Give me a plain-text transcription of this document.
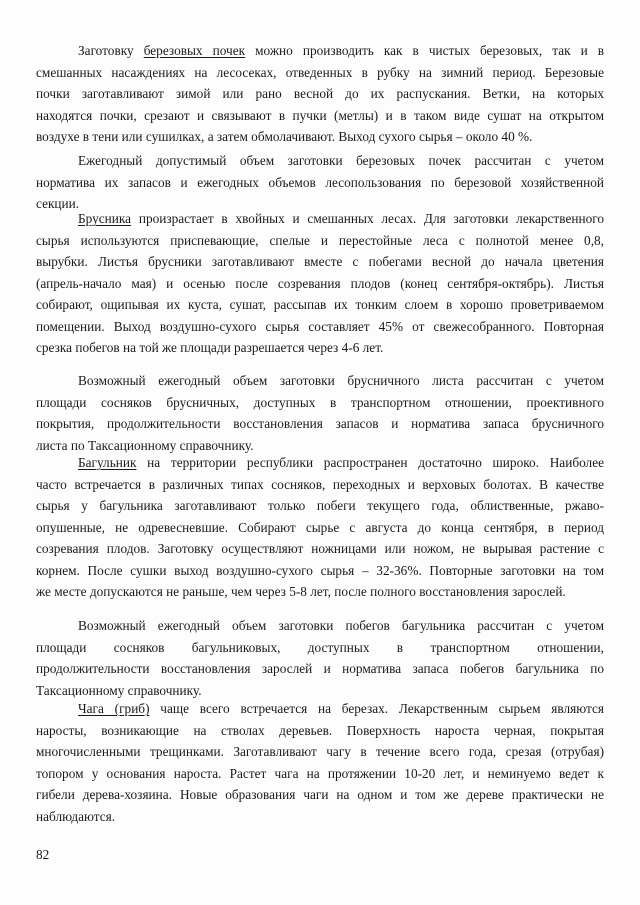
Заготовку березовых почек можно производить как в чистых березовых, так и в
смешанных насаждениях на лесосеках, отведенных в рубку на зимний период. Березовые
почки заготавливают зимой или рано весной до их распускания. Ветки, на которых
находятся почки, срезают и связывают в пучки (метлы) и в таком виде сушат на открытом
воздухе в тени или сушилках, а затем обмолачивают. Выход сухого сырья – около 40 %.
Ежегодный допустимый объем заготовки березовых почек рассчитан с учетом
норматива их запасов и ежегодных объемов лесопользования по березовой хозяйственной
секции.
Брусника произрастает в хвойных и смешанных лесах. Для заготовки лекарственного
сырья используются приспевающие, спелые и перестойные леса с полнотой менее 0,8,
вырубки. Листья брусники заготавливают вместе с побегами весной до начала цветения
(апрель-начало мая) и осенью после созревания плодов (конец сентября-октябрь). Листья
собирают, ощипывая их куста, сушат, рассыпав их тонким слоем в хорошо проветриваемом
помещении. Выход воздушно-сухого сырья составляет 45% от свежесобранного. Повторная
срезка побегов на той же площади разрешается через 4-6 лет.
Возможный ежегодный объем заготовки брусничного листа рассчитан с учетом
площади сосняков брусничных, доступных в транспортном отношении, проективного
покрытия, продолжительности восстановления запасов и норматива запаса брусничного
листа по Таксационному справочнику.
Багульник на территории республики распространен достаточно широко. Наиболее
часто встречается в различных типах сосняков, переходных и верховых болотах. В качестве
сырья у багульника заготавливают только побеги текущего года, облиственные, ржаво-
опушенные, не одревесневшие. Собирают сырье с августа до конца сентября, в период
созревания плодов. Заготовку осуществляют ножницами или ножом, не вырывая растение с
корнем. После сушки выход воздушно-сухого сырья – 32-36%. Повторные заготовки на том
же месте допускаются не раньше, чем через 5-8 лет, после полного восстановления зарослей.
Возможный ежегодный объем заготовки побегов багульника рассчитан с учетом
площади сосняков багульниковых, доступных в транспортном отношении,
продолжительности восстановления зарослей и норматива запаса побегов багульника по
Таксационному справочнику.
Чага (гриб) чаще всего встречается на березах. Лекарственным сырьем являются
наросты, возникающие на стволах деревьев. Поверхность нароста черная, покрытая
многочисленными трещинками. Заготавливают чагу в течение всего года, срезая (отрубая)
топором у основания нароста. Растет чага на протяжении 10-20 лет, и неминуемо ведет к
гибели дерева-хозяина. Новые образования чаги на одном и том же дереве практически не
наблюдаются.
82
